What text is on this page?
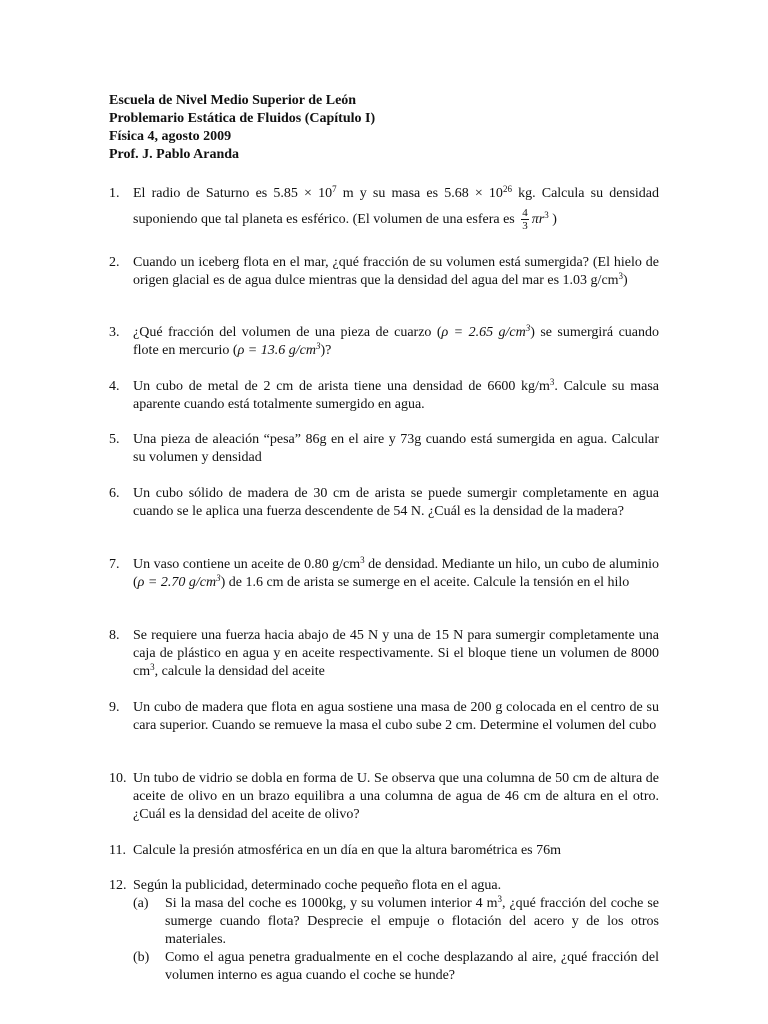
Escuela de Nivel Medio Superior de León
Problemario Estática de Fluidos (Capítulo I)
Física 4, agosto 2009
Prof. J. Pablo Aranda
1. El radio de Saturno es $5.85 \times 10^7$ m y su masa es $5.68 \times 10^{26}$ kg. Calcula su densidad suponiendo que tal planeta es esférico. (El volumen de una esfera es $\frac{4}{3} \pi r^3$ )
2. Cuando un iceberg flota en el mar, ¿qué fracción de su volumen está sumergida? (El hielo de origen glacial es de agua dulce mientras que la densidad del agua del mar es 1.03 $g/cm^3$)
3. ¿Qué fracción del volumen de una pieza de cuarzo (ρ = 2.65 $g/cm^3$) se sumergirá cuando flote en mercurio (ρ = 13.6 $g/cm^3$)?
4. Un cubo de metal de 2 cm de arista tiene una densidad de 6600 $kg/m^3$. Calcule su masa aparente cuando está totalmente sumergido en agua.
5. Una pieza de aleación “pesa” 86g en el aire y 73g cuando está sumergida en agua. Calcular su volumen y densidad
6. Un cubo sólido de madera de 30 cm de arista se puede sumergir completamente en agua cuando se le aplica una fuerza descendente de 54 N. ¿Cuál es la densidad de la madera?
7. Un vaso contiene un aceite de 0.80 $g/cm^3$ de densidad. Mediante un hilo, un cubo de aluminio (ρ = 2.70 $g/cm^3$) de 1.6 cm de arista se sumerge en el aceite. Calcule la tensión en el hilo
8. Se requiere una fuerza hacia abajo de 45 N y una de 15 N para sumergir completamente una caja de plástico en agua y en aceite respectivamente. Si el bloque tiene un volumen de 8000 $cm^3$, calcule la densidad del aceite
9. Un cubo de madera que flota en agua sostiene una masa de 200 g colocada en el centro de su cara superior. Cuando se remueve la masa el cubo sube 2 cm. Determine el volumen del cubo
10. Un tubo de vidrio se dobla en forma de U. Se observa que una columna de 50 cm de altura de aceite de olivo en un brazo equilibra a una columna de agua de 46 cm de altura en el otro. ¿Cuál es la densidad del aceite de olivo?
11. Calcule la presión atmosférica en un día en que la altura barométrica es 76m
12. Según la publicidad, determinado coche pequeño flota en el agua.
(a) Si la masa del coche es 1000kg, y su volumen interior 4 $m^3$, ¿qué fracción del coche se sumerge cuando flota? Desprecie el empuje o flotación del acero y de los otros materiales.
(b) Como el agua penetra gradualmente en el coche desplazando al aire, ¿qué fracción del volumen interno es agua cuando el coche se hunde?
